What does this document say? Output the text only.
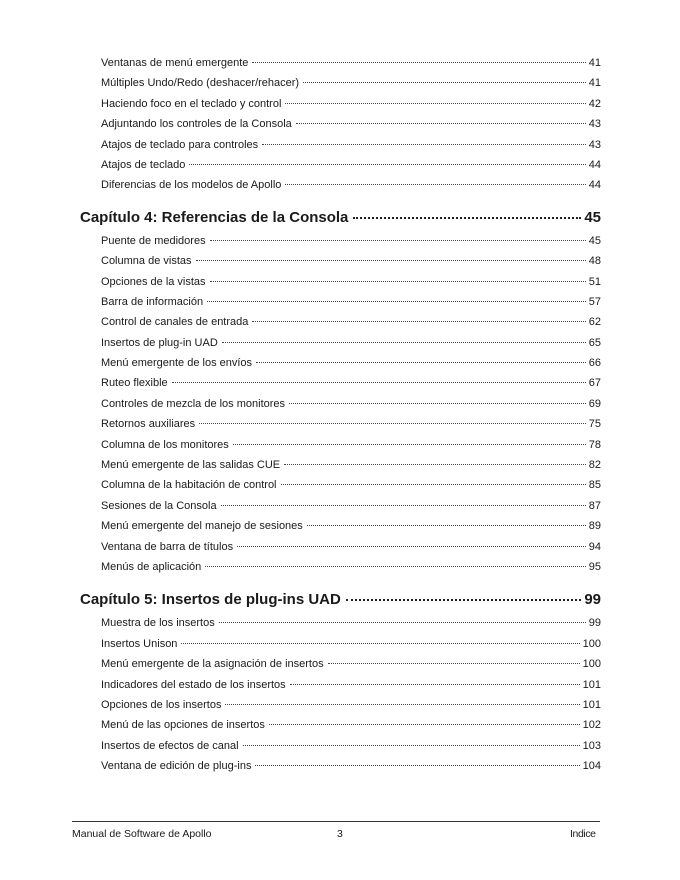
Ventanas de menú emergente	41
Múltiples Undo/Redo (deshacer/rehacer)	41
Haciendo foco en el teclado y control	42
Adjuntando los controles de la Consola	43
Atajos de teclado para controles	43
Atajos de teclado	44
Diferencias de los modelos de Apollo	44
Capítulo 4: Referencias de la Consola	45
Puente de medidores	45
Columna de vistas	48
Opciones de la vistas	51
Barra de información	57
Control de canales de entrada	62
Insertos de plug-in UAD	65
Menú emergente de los envíos	66
Ruteo flexible	67
Controles de mezcla de los monitores	69
Retornos auxiliares	75
Columna de los monitores	78
Menú emergente de las salidas CUE	82
Columna de la habitación de control	85
Sesiones de la Consola	87
Menú emergente del manejo de sesiones	89
Ventana de barra de títulos	94
Menús de aplicación	95
Capítulo 5: Insertos de plug-ins UAD	99
Muestra de los insertos	99
Insertos Unison	100
Menú emergente de la asignación de insertos	100
Indicadores del estado de los insertos	101
Opciones de los insertos	101
Menú de las opciones de insertos	102
Insertos de efectos de canal	103
Ventana de edición de plug-ins	104
Manual de Software de Apollo	3	Indice
